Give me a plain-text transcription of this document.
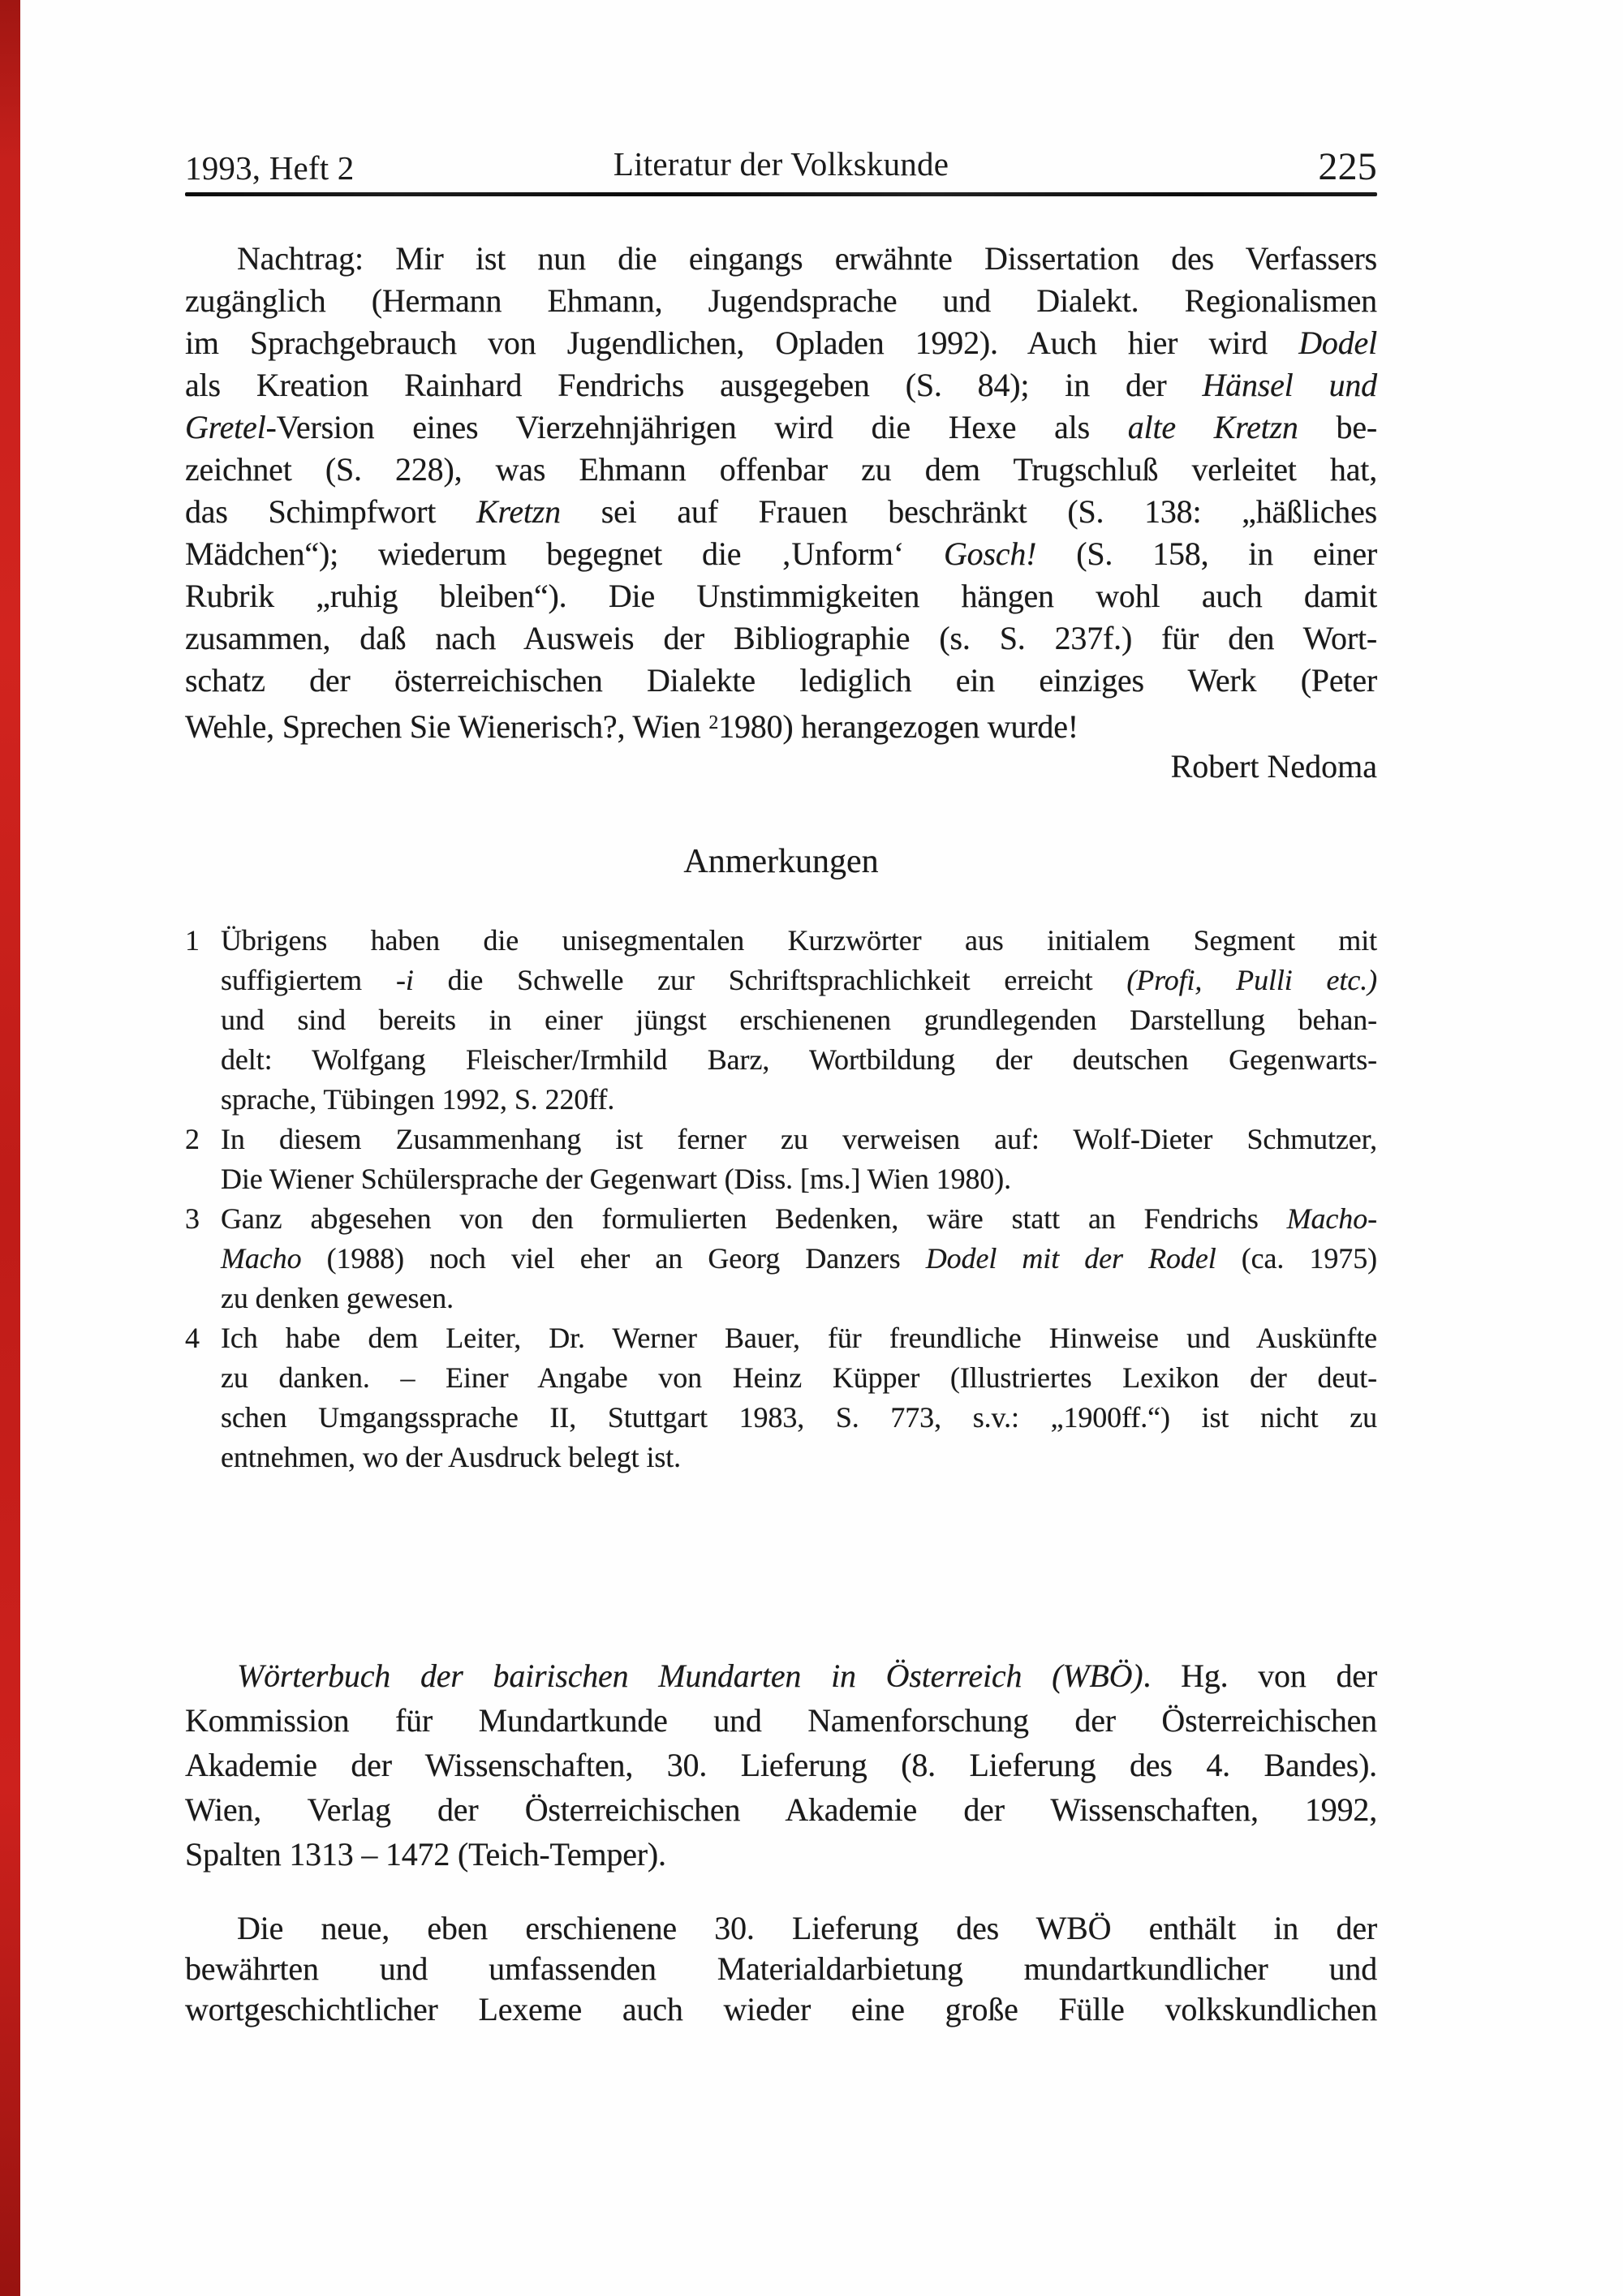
Literatur der Volkskunde
1993, Heft 2	225
Nachtrag: Mir ist nun die eingangs erwähnte Dissertation des Verfassers
zugänglich (Hermann Ehmann, Jugendsprache und Dialekt. Regionalismen
im Sprachgebrauch von Jugendlichen, Opladen 1992). Auch hier wird Dodel
als Kreation Rainhard Fendrichs ausgegeben (S. 84); in der Hänsel und
Gretel-Version eines Vierzehnjährigen wird die Hexe als alte Kretzn be-
zeichnet (S. 228), was Ehmann offenbar zu dem Trugschluß verleitet hat,
das Schimpfwort Kretzn sei auf Frauen beschränkt (S. 138: „häßliches
Mädchen“); wiederum begegnet die ‚Unform‘ Gosch! (S. 158, in einer
Rubrik „ruhig bleiben“). Die Unstimmigkeiten hängen wohl auch damit
zusammen, daß nach Ausweis der Bibliographie (s. S. 237f.) für den Wort-
schatz der österreichischen Dialekte lediglich ein einziges Werk (Peter
Wehle, Sprechen Sie Wienerisch?, Wien $^2$1980) herangezogen wurde!
Robert Nedoma
Anmerkungen
1 Übrigens haben die unisegmentalen Kurzwörter aus initialem Segment mit
suffigiertem -i die Schwelle zur Schriftsprachlichkeit erreicht (Profi, Pulli etc.)
und sind bereits in einer jüngst erschienenen grundlegenden Darstellung behan-
delt: Wolfgang Fleischer/Irmhild Barz, Wortbildung der deutschen Gegenwarts-
sprache, Tübingen 1992, S. 220ff.
2 In diesem Zusammenhang ist ferner zu verweisen auf: Wolf-Dieter Schmutzer,
Die Wiener Schülersprache der Gegenwart (Diss. [ms.] Wien 1980).
3 Ganz abgesehen von den formulierten Bedenken, wäre statt an Fendrichs Macho-
Macho (1988) noch viel eher an Georg Danzers Dodel mit der Rodel (ca. 1975)
zu denken gewesen.
4 Ich habe dem Leiter, Dr. Werner Bauer, für freundliche Hinweise und Auskünfte
zu danken. – Einer Angabe von Heinz Küpper (Illustriertes Lexikon der deut-
schen Umgangssprache II, Stuttgart 1983, S. 773, s.v.: „1900ff.“) ist nicht zu
entnehmen, wo der Ausdruck belegt ist.
Wörterbuch der bairischen Mundarten in Österreich (WBÖ). Hg. von der
Kommission für Mundartkunde und Namenforschung der Österreichischen
Akademie der Wissenschaften, 30. Lieferung (8. Lieferung des 4. Bandes).
Wien, Verlag der Österreichischen Akademie der Wissenschaften, 1992,
Spalten 1313 – 1472 (Teich-Temper).
Die neue, eben erschienene 30. Lieferung des WBÖ enthält in der
bewährten und umfassenden Materialdarbietung mundartkundlicher und
wortgeschichtlicher Lexeme auch wieder eine große Fülle volkskundlichen
